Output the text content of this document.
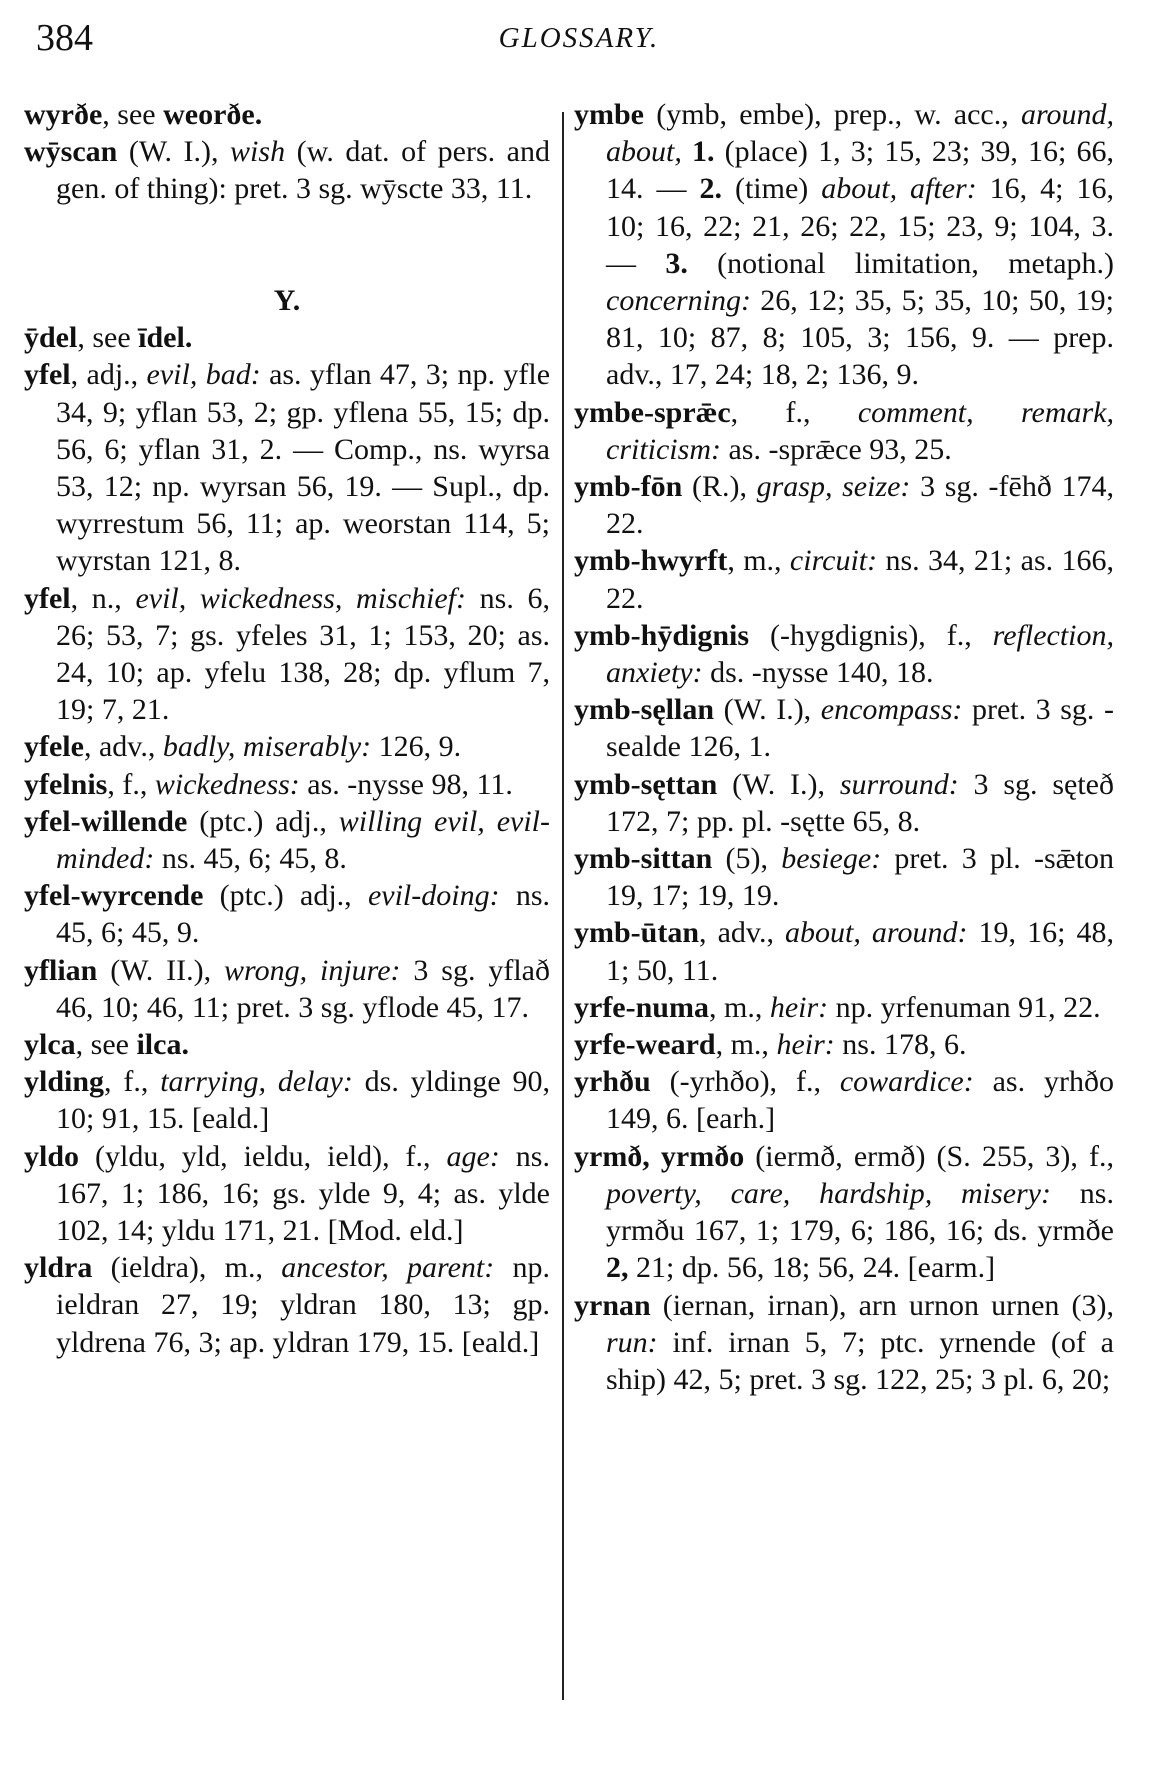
384	GLOSSARY.
wyrðe, see weorðe.
wȳscan (W. I.), wish (w. dat. of pers. and gen. of thing): pret. 3 sg. wȳscte 33, 11.
Y.
ȳdel, see īdel.
yfel, adj., evil, bad: as. yflan 47, 3; np. yfle 34, 9; yflan 53, 2; gp. yflena 55, 15; dp. 56, 6; yflan 31, 2. — Comp., ns. wyrsa 53, 12; np. wyrsan 56, 19. — Supl., dp. wyrrestum 56, 11; ap. weorstan 114, 5; wyrstan 121, 8.
yfel, n., evil, wickedness, mischief: ns. 6, 26; 53, 7; gs. yfeles 31, 1; 153, 20; as. 24, 10; ap. yfelu 138, 28; dp. yflum 7, 19; 7, 21.
yfele, adv., badly, miserably: 126, 9.
yfelnis, f., wickedness: as. -nysse 98, 11.
yfel-willende (ptc.) adj., willing evil, evil-minded: ns. 45, 6; 45, 8.
yfel-wyrcende (ptc.) adj., evil-doing: ns. 45, 6; 45, 9.
yflian (W. II.), wrong, injure: 3 sg. yflað 46, 10; 46, 11; pret. 3 sg. yflode 45, 17.
ylca, see ilca.
ylding, f., tarrying, delay: ds. yldinge 90, 10; 91, 15. [eald.]
yldo (yldu, yld, ieldu, ield), f., age: ns. 167, 1; 186, 16; gs. ylde 9, 4; as. ylde 102, 14; yldu 171, 21. [Mod. eld.]
yldra (ieldra), m., ancestor, parent: np. ieldran 27, 19; yldran 180, 13; gp. yldrena 76, 3; ap. yldran 179, 15. [eald.]
ymbe (ymb, embe), prep., w. acc., around, about, 1. (place) 1, 3; 15, 23; 39, 16; 66, 14. — 2. (time) about, after: 16, 4; 16, 10; 16, 22; 21, 26; 22, 15; 23, 9; 104, 3. — 3. (notional limitation, metaph.) concerning: 26, 12; 35, 5; 35, 10; 50, 19; 81, 10; 87, 8; 105, 3; 156, 9. — prep. adv., 17, 24; 18, 2; 136, 9.
ymbe-sprǣc, f., comment, remark, criticism: as. -sprǣce 93, 25.
ymb-fōn (R.), grasp, seize: 3 sg. -fēhð 174, 22.
ymb-hwyrft, m., circuit: ns. 34, 21; as. 166, 22.
ymb-hȳdignis (-hygdignis), f., reflection, anxiety: ds. -nysse 140, 18.
ymb-sęllan (W. I.), encompass: pret. 3 sg. -sealde 126, 1.
ymb-sęttan (W. I.), surround: 3 sg. sęteð 172, 7; pp. pl. -sętte 65, 8.
ymb-sittan (5), besiege: pret. 3 pl. -sǣton 19, 17; 19, 19.
ymb-ūtan, adv., about, around: 19, 16; 48, 1; 50, 11.
yrfe-numa, m., heir: np. yrfenuman 91, 22.
yrfe-weard, m., heir: ns. 178, 6.
yrhðu (-yrhðo), f., cowardice: as. yrhðo 149, 6. [earh.]
yrmð, yrmðo (iermð, ermð) (S. 255, 3), f., poverty, care, hardship, misery: ns. yrmðu 167, 1; 179, 6; 186, 16; ds. yrmðe 2, 21; dp. 56, 18; 56, 24. [earm.]
yrnan (iernan, irnan), arn urnon urnen (3), run: inf. irnan 5, 7; ptc. yrnende (of a ship) 42, 5; pret. 3 sg. 122, 25; 3 pl. 6, 20;
